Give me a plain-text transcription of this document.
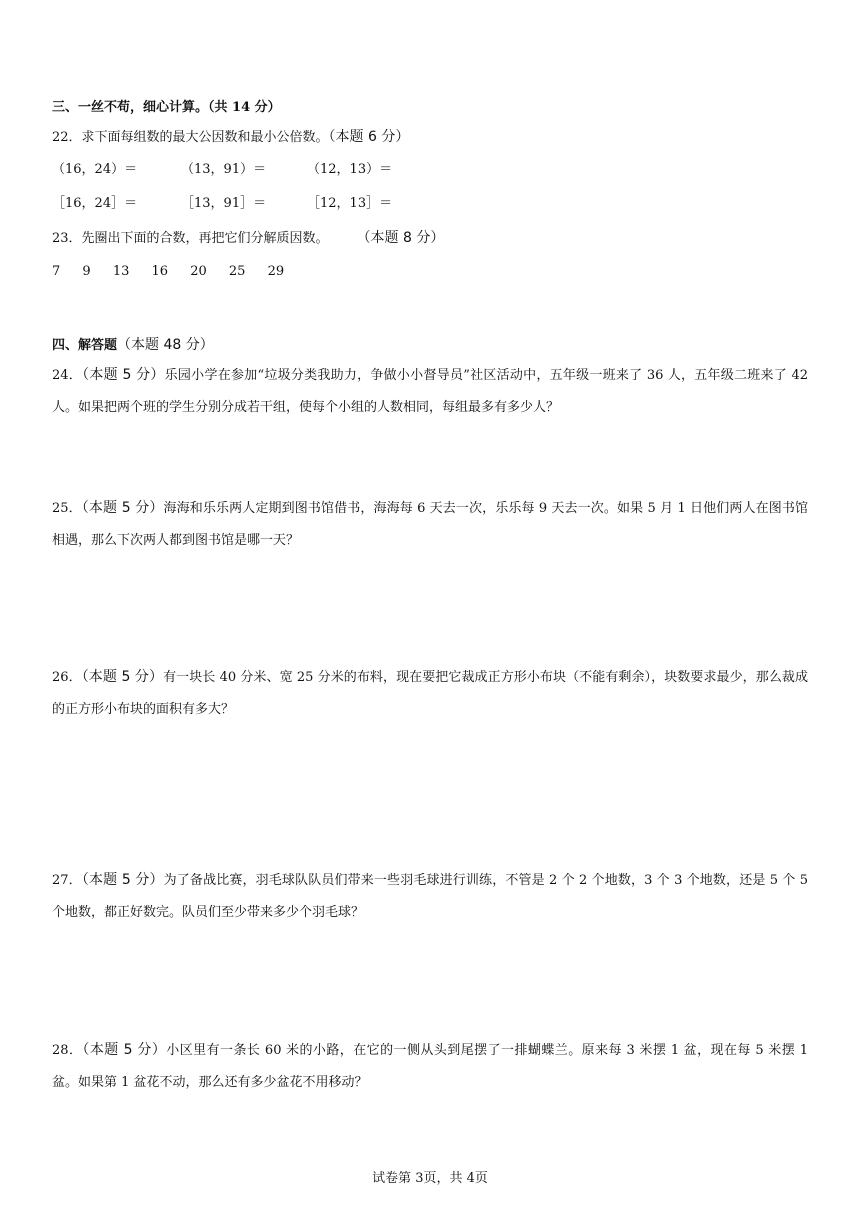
三、一丝不苟，细心计算。（共 14 分）
22．求下面每组数的最大公因数和最小公倍数。（本题 6 分）
（16，24）＝	（13，91）＝	（12，13）＝
［16，24］＝	［13，91］＝	［12，13］＝
23．先圈出下面的合数，再把它们分解质因数。 （本题 8 分）
7 9 13 16 20 25 29
四、解答题（本题 48 分）
24．（本题 5 分）乐园小学在参加“垃圾分类我助力，争做小小督导员”社区活动中，五年级一班来了 36 人，五年级二班来了 42 人。如果把两个班的学生分别分成若干组，使每个小组的人数相同，每组最多有多少人？
25．（本题 5 分）海海和乐乐两人定期到图书馆借书，海海每 6 天去一次，乐乐每 9 天去一次。如果 5 月 1 日他们两人在图书馆相遇，那么下次两人都到图书馆是哪一天？
26．（本题 5 分）有一块长 40 分米、宽 25 分米的布料，现在要把它裁成正方形小布块（不能有剩余），块数要求最少，那么裁成的正方形小布块的面积有多大？
27．（本题 5 分）为了备战比赛，羽毛球队队员们带来一些羽毛球进行训练，不管是 2 个 2 个地数，3 个 3 个地数，还是 5 个 5 个地数，都正好数完。队员们至少带来多少个羽毛球？
28．（本题 5 分）小区里有一条长 60 米的小路，在它的一侧从头到尾摆了一排蝴蝶兰。原来每 3 米摆 1 盆，现在每 5 米摆 1 盆。如果第 1 盆花不动，那么还有多少盆花不用移动？
试卷第 3页，共 4页
